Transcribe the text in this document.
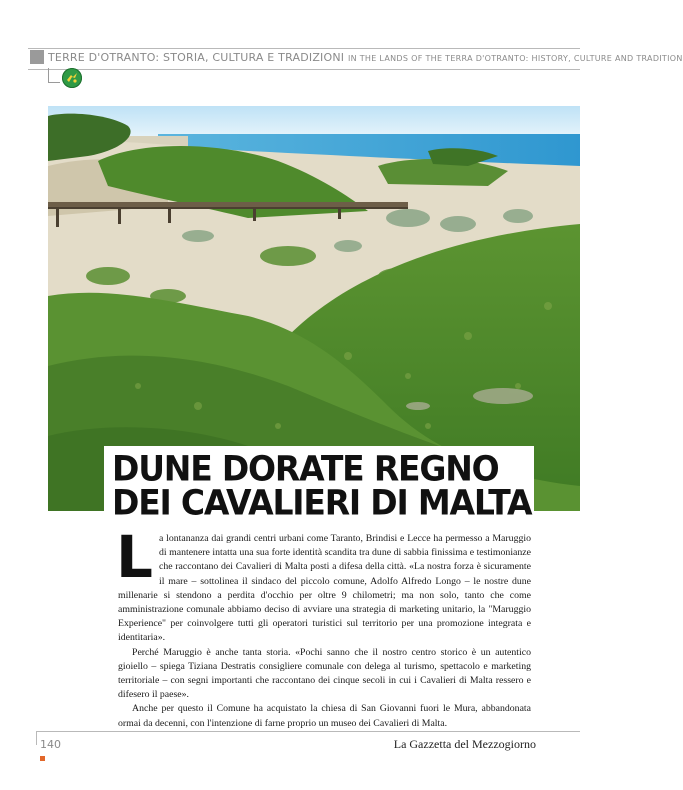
TERRE D'OTRANTO: STORIA, CULTURA E TRADIZIONI IN THE LANDS OF THE TERRA D'OTRANTO: HISTORY, CULTURE AND TRADITION
DUNE DORATE REGNO DEI CAVALIERI DI MALTA

La lontananza dai grandi centri urbani come Taranto, Brindisi e Lecce ha permesso a Maruggio di mantenere intatta una sua forte identità scandita tra dune di sabbia finissima e testimonianze che raccontano dei Cavalieri di Malta posti a difesa della città. «La nostra forza è sicuramente il mare – sottolinea il sindaco del piccolo comune, Adolfo Alfredo Longo – le nostre dune millenarie si stendono a perdita d'occhio per oltre 9 chilometri; ma non solo, tanto che come amministrazione comunale abbiamo deciso di avviare una strategia di marketing unitario, la "Maruggio Experience" per coinvolgere tutti gli operatori turistici sul territorio per una promozione integrata e identitaria».

Perché Maruggio è anche tanta storia. «Pochi sanno che il nostro centro storico è un autentico gioiello – spiega Tiziana Destratis consigliere comunale con delega al turismo, spettacolo e marketing territoriale – con segni importanti che raccontano dei cinque secoli in cui i Cavalieri di Malta ressero e difesero il paese».

Anche per questo il Comune ha acquistato la chiesa di San Giovanni fuori le Mura, abbandonata ormai da decenni, con l'intenzione di farne proprio un museo dei Cavalieri di Malta.

140	La Gazzetta del Mezzogiorno
